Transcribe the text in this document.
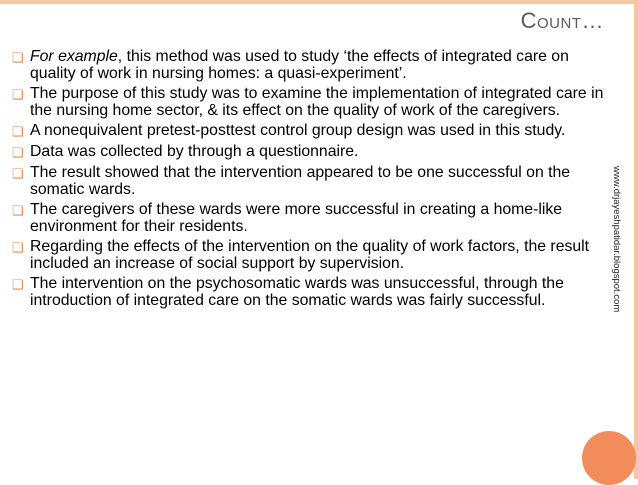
Count…
www.drjayeshpatidar.blogspot.com
❑ For example, this method was used to study ‘the effects of integrated care on quality of work in nursing homes: a quasi-experiment’.
❑ The purpose of this study was to examine the implementation of integrated care in the nursing home sector, & its effect on the quality of work of the caregivers.
❑ A nonequivalent pretest-posttest control group design was used in this study.
❑ Data was collected by through a questionnaire.
❑ The result showed that the intervention appeared to be one successful on the somatic wards.
❑ The caregivers of these wards were more successful in creating a home-like environment for their residents.
❑ Regarding the effects of the intervention on the quality of work factors, the result included an increase of social support by supervision.
❑ The intervention on the psychosomatic wards was unsuccessful, through the introduction of integrated care on the somatic wards was fairly successful.
